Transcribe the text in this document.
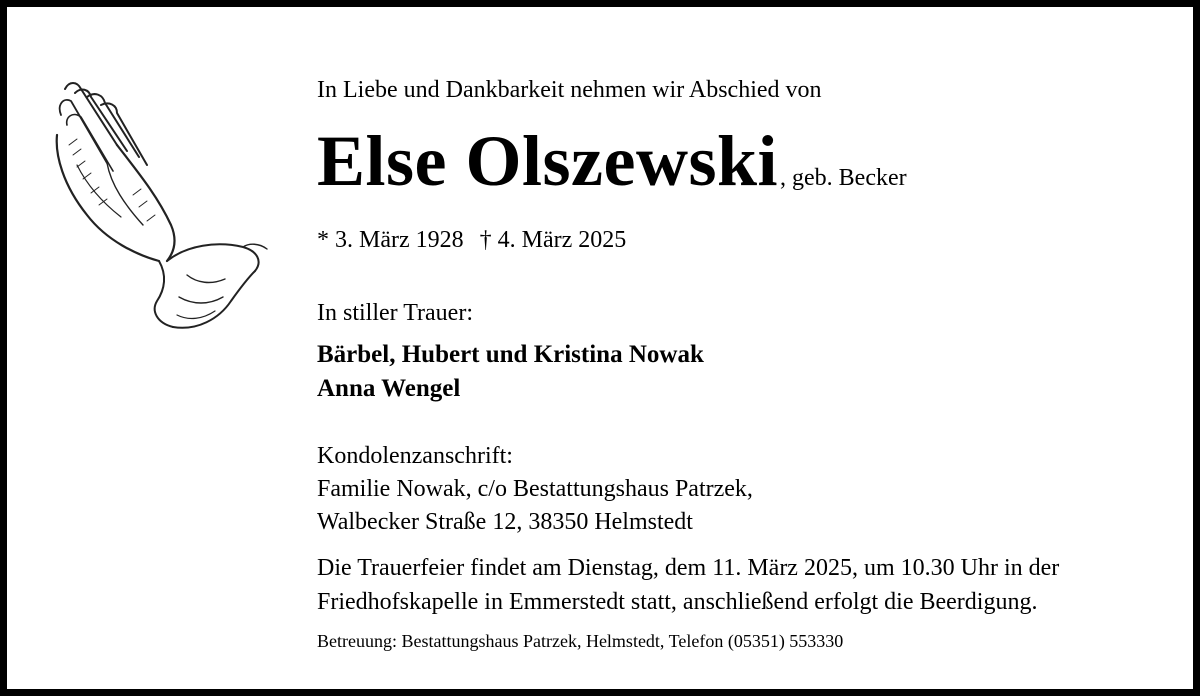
In Liebe und Dankbarkeit nehmen wir Abschied von
Else Olszewski, geb. Becker
* 3. März 1928 † 4. März 2025
In stiller Trauer:
Bärbel, Hubert und Kristina Nowak
Anna Wengel
Kondolenzanschrift:
Familie Nowak, c/o Bestattungshaus Patrzek,
Walbecker Straße 12, 38350 Helmstedt
Die Trauerfeier findet am Dienstag, dem 11. März 2025, um 10.30 Uhr in der
Friedhofskapelle in Emmerstedt statt, anschließend erfolgt die Beerdigung.
Betreuung: Bestattungshaus Patrzek, Helmstedt, Telefon (05351) 553330
